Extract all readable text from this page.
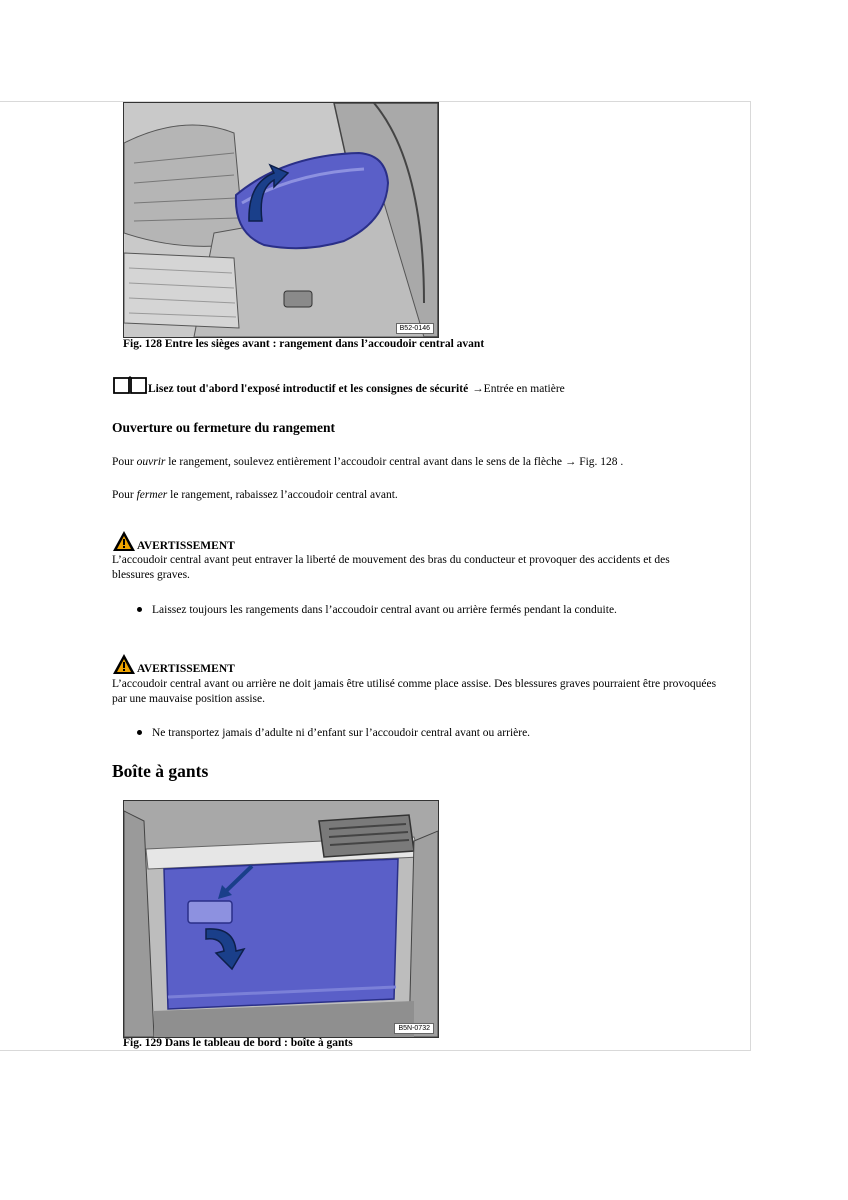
B52-0146
Fig. 128 Entre les sièges avant : rangement dans l’accoudoir central avant
Lisez tout d'abord l'exposé introductif et les consignes de sécurité →Entrée en matière
Ouverture ou fermeture du rangement
Pour ouvrir le rangement, soulevez entièrement l’accoudoir central avant dans le sens de la flèche → Fig. 128 .
Pour fermer le rangement, rabaissez l’accoudoir central avant.
AVERTISSEMENT
L’accoudoir central avant peut entraver la liberté de mouvement des bras du conducteur et provoquer des accidents et des blessures graves.
Laissez toujours les rangements dans l’accoudoir central avant ou arrière fermés pendant la conduite.
AVERTISSEMENT
L’accoudoir central avant ou arrière ne doit jamais être utilisé comme place assise. Des blessures graves pourraient être provoquées par une mauvaise position assise.
Ne transportez jamais d’adulte ni d’enfant sur l’accoudoir central avant ou arrière.
Boîte à gants
B5N-0732
Fig. 129 Dans le tableau de bord : boîte à gants
